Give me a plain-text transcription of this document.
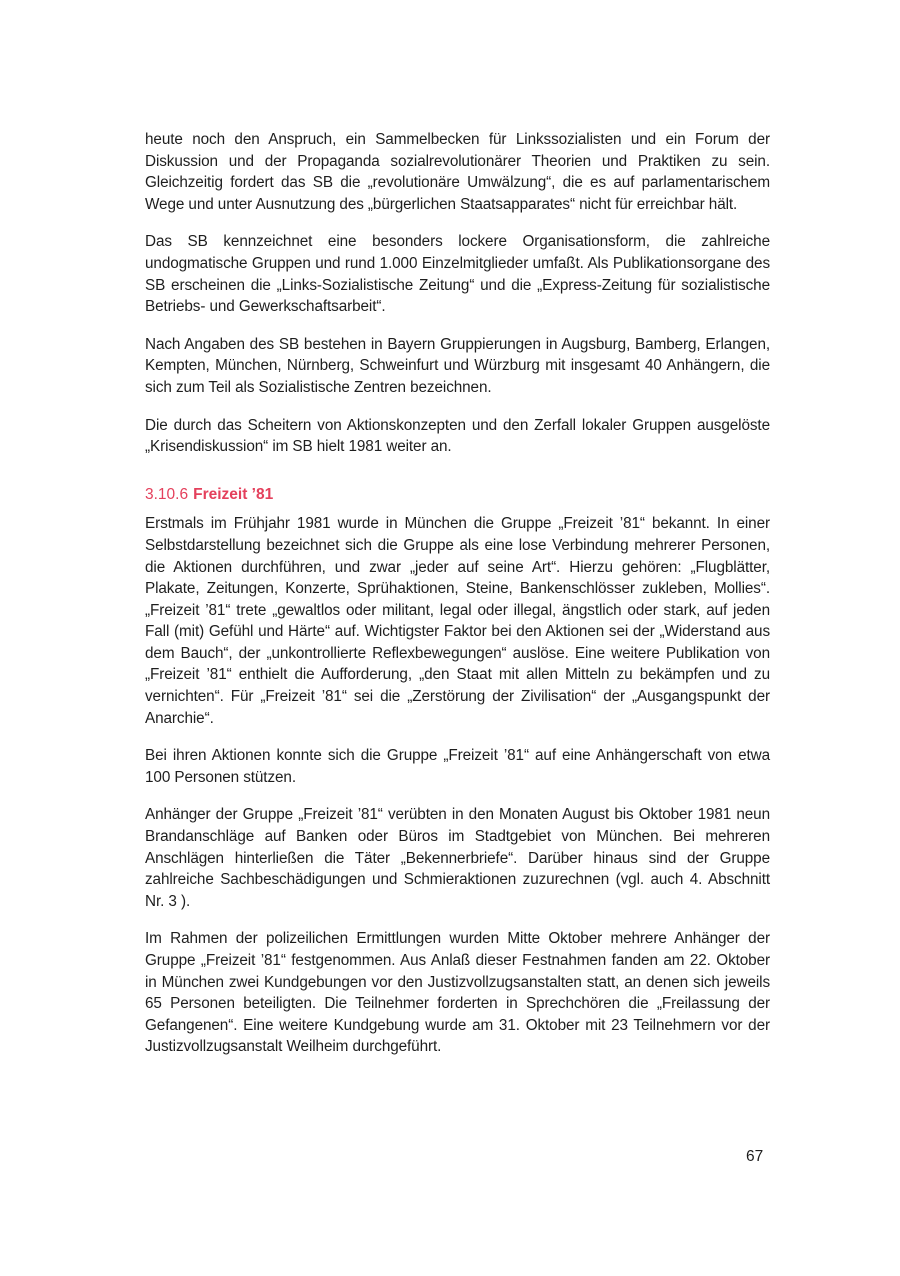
heute noch den Anspruch, ein Sammelbecken für Linkssozialisten und ein Forum der Diskussion und der Propaganda sozialrevolutionärer Theorien und Praktiken zu sein. Gleichzeitig fordert das SB die „revolutionäre Umwälzung“, die es auf parlamentarischem Wege und unter Ausnutzung des „bürgerlichen Staatsapparates“ nicht für erreichbar hält.

Das SB kennzeichnet eine besonders lockere Organisationsform, die zahlreiche undogmatische Gruppen und rund 1.000 Einzelmitglieder umfaßt. Als Publikationsorgane des SB erscheinen die „Links-Sozialistische Zeitung“ und die „Express-Zeitung für sozialistische Betriebs- und Gewerkschaftsarbeit“.

Nach Angaben des SB bestehen in Bayern Gruppierungen in Augsburg, Bamberg, Erlangen, Kempten, München, Nürnberg, Schweinfurt und Würzburg mit insgesamt 40 Anhängern, die sich zum Teil als Sozialistische Zentren bezeichnen.

Die durch das Scheitern von Aktionskonzepten und den Zerfall lokaler Gruppen ausgelöste „Krisendiskussion“ im SB hielt 1981 weiter an.

3.10.6 Freizeit ’81

Erstmals im Frühjahr 1981 wurde in München die Gruppe „Freizeit ’81“ bekannt. In einer Selbstdarstellung bezeichnet sich die Gruppe als eine lose Verbindung mehrerer Personen, die Aktionen durchführen, und zwar „jeder auf seine Art“. Hierzu gehören: „Flugblätter, Plakate, Zeitungen, Konzerte, Sprühaktionen, Steine, Bankenschlösser zukleben, Mollies“. „Freizeit ’81“ trete „gewaltlos oder militant, legal oder illegal, ängstlich oder stark, auf jeden Fall (mit) Gefühl und Härte“ auf. Wichtigster Faktor bei den Aktionen sei der „Widerstand aus dem Bauch“, der „unkontrollierte Reflexbewegungen“ auslöse. Eine weitere Publikation von „Freizeit ’81“ enthielt die Aufforderung, „den Staat mit allen Mitteln zu bekämpfen und zu vernichten“. Für „Freizeit ’81“ sei die „Zerstörung der Zivilisation“ der „Ausgangspunkt der Anarchie“.

Bei ihren Aktionen konnte sich die Gruppe „Freizeit ’81“ auf eine Anhängerschaft von etwa 100 Personen stützen.

Anhänger der Gruppe „Freizeit ’81“ verübten in den Monaten August bis Oktober 1981 neun Brandanschläge auf Banken oder Büros im Stadtgebiet von München. Bei mehreren Anschlägen hinterließen die Täter „Bekennerbriefe“. Darüber hinaus sind der Gruppe zahlreiche Sachbeschädigungen und Schmieraktionen zuzurechnen (vgl. auch 4. Abschnitt Nr. 3 ).

Im Rahmen der polizeilichen Ermittlungen wurden Mitte Oktober mehrere Anhänger der Gruppe „Freizeit ’81“ festgenommen. Aus Anlaß dieser Festnahmen fanden am 22. Oktober in München zwei Kundgebungen vor den Justizvollzugsanstalten statt, an denen sich jeweils 65 Personen beteiligten. Die Teilnehmer forderten in Sprechchören die „Freilassung der Gefangenen“. Eine weitere Kundgebung wurde am 31. Oktober mit 23 Teilnehmern vor der Justizvollzugsanstalt Weilheim durchgeführt.

67
